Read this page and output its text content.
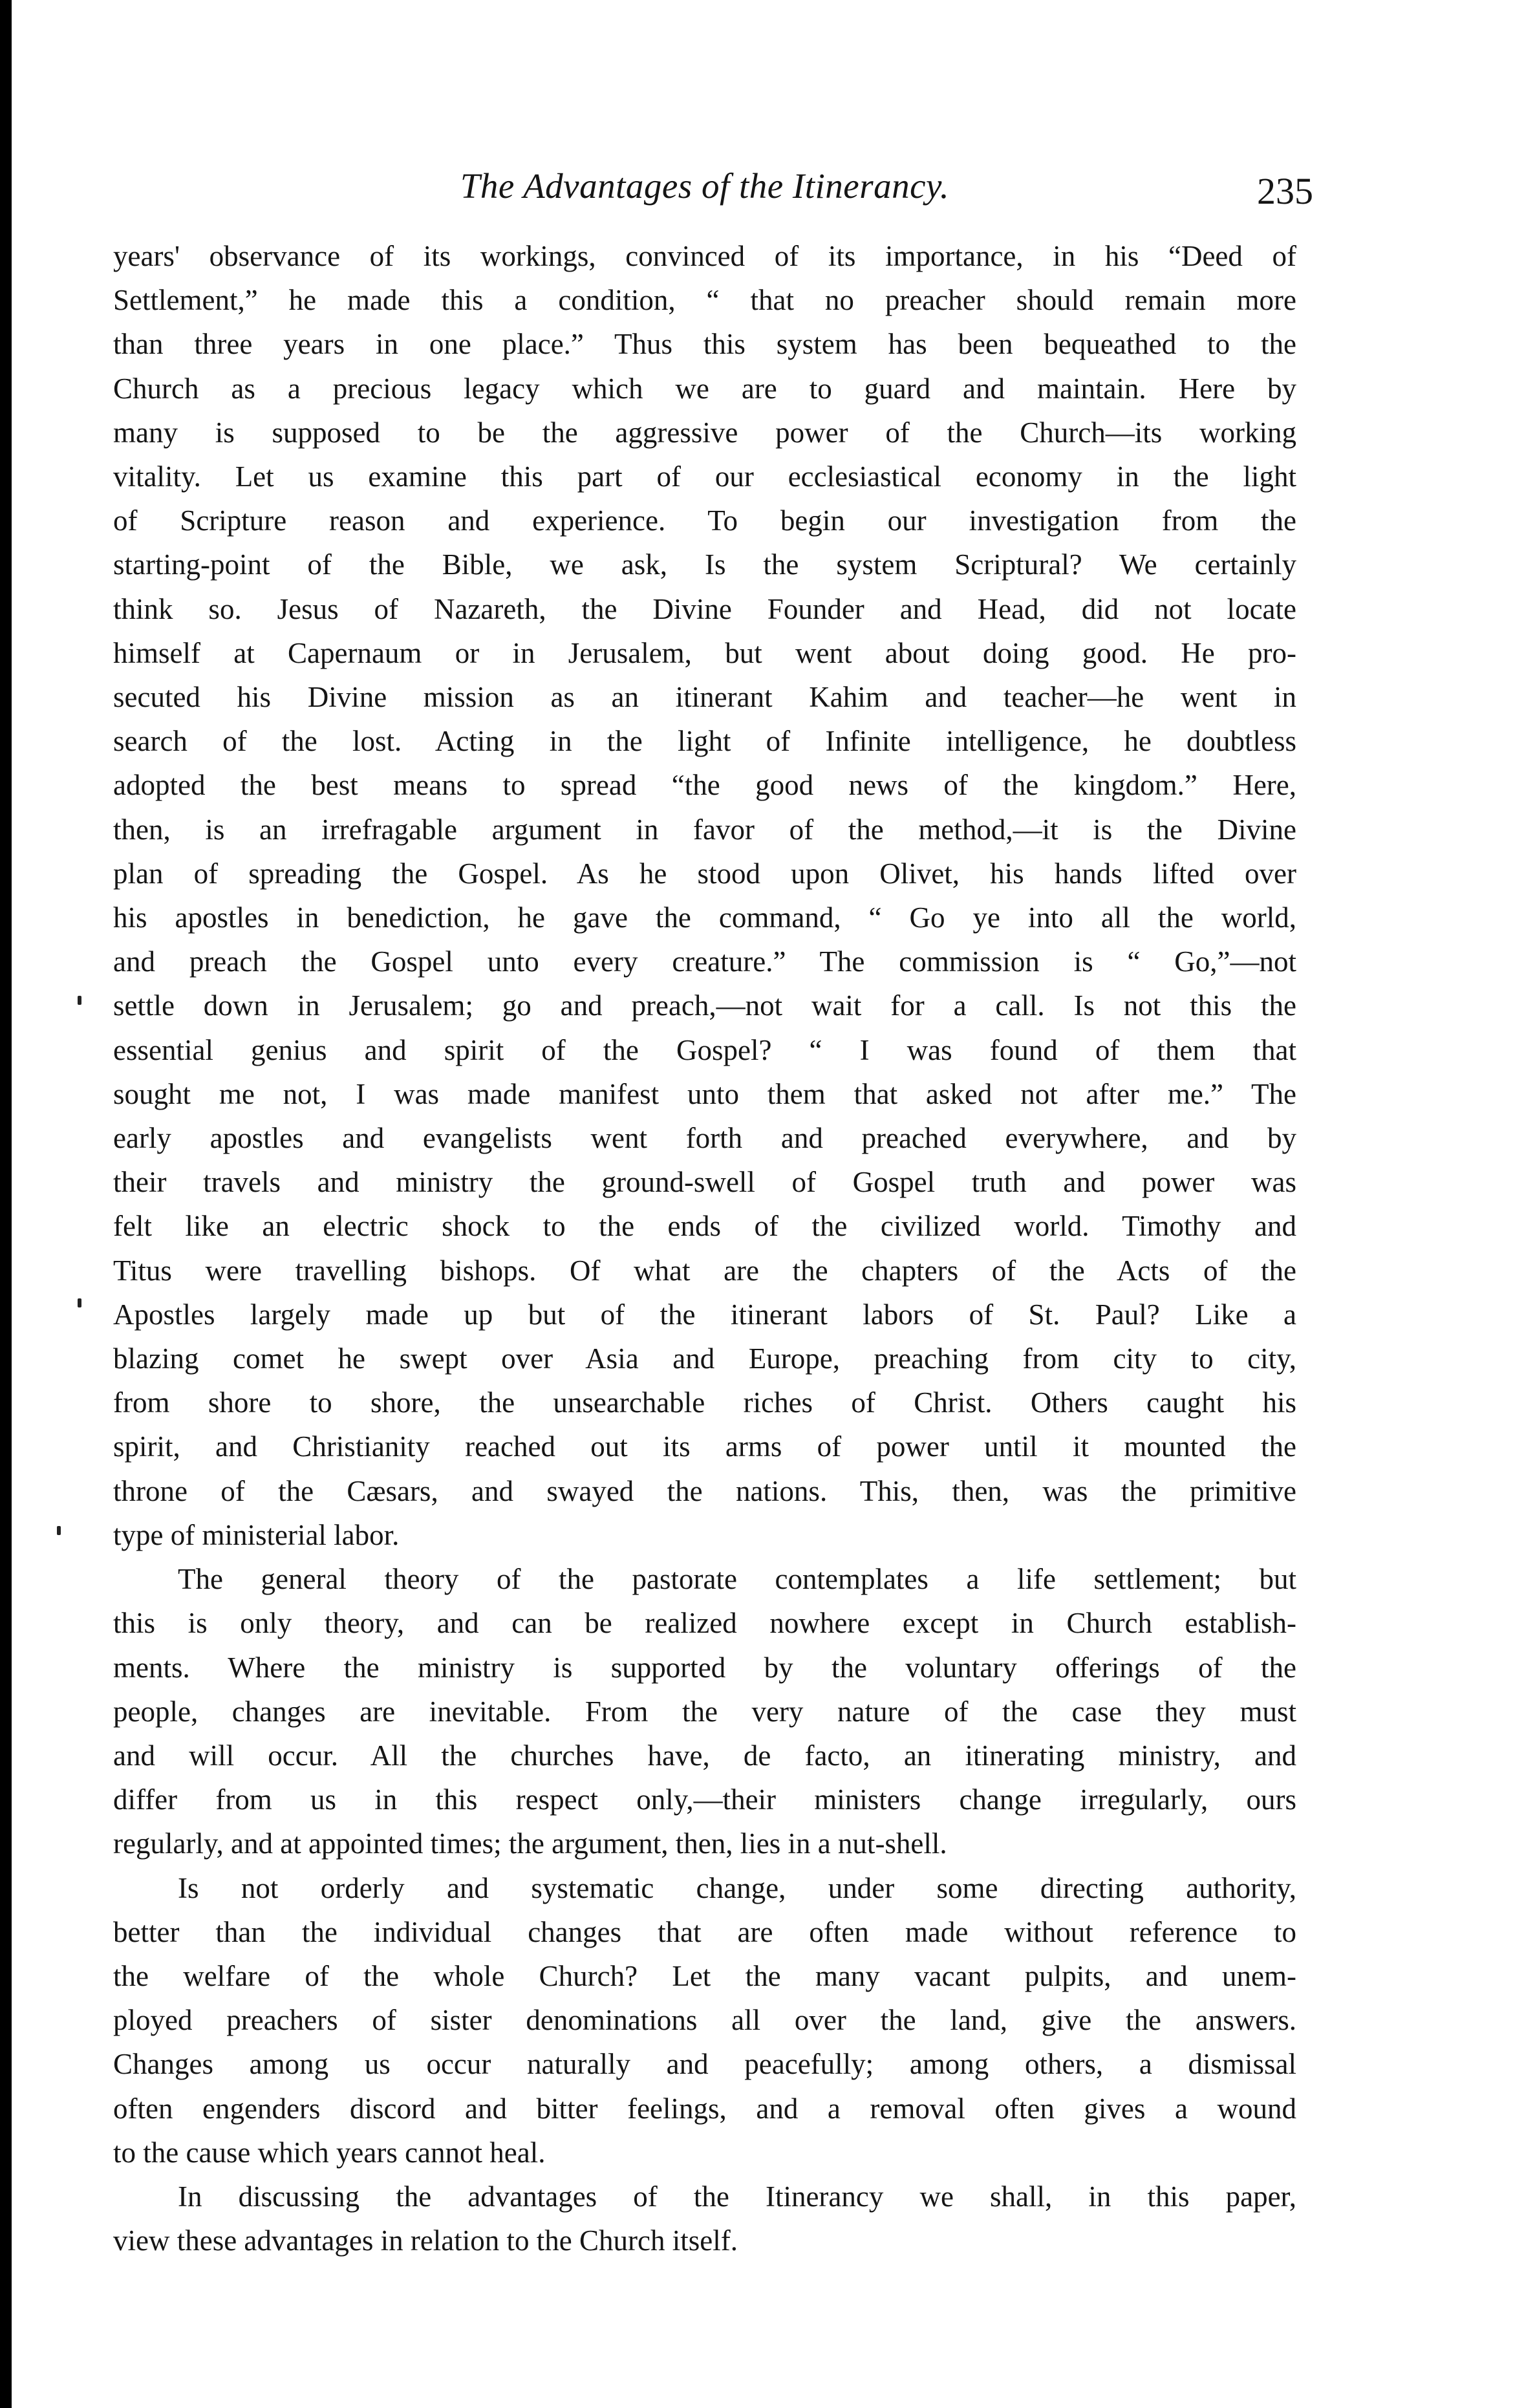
The Advantages of the Itinerancy.	235

years' observance of its workings, convinced of its importance, in his “Deed of
Settlement,” he made this a condition, “ that no preacher should remain more
than three years in one place.” Thus this system has been bequeathed to the
Church as a precious legacy which we are to guard and maintain. Here by
many is supposed to be the aggressive power of the Church—its working
vitality. Let us examine this part of our ecclesiastical economy in the light
of Scripture reason and experience. To begin our investigation from the
starting-point of the Bible, we ask, Is the system Scriptural? We certainly
think so. Jesus of Nazareth, the Divine Founder and Head, did not locate
himself at Capernaum or in Jerusalem, but went about doing good. He pro-
secuted his Divine mission as an itinerant Kahim and teacher—he went in
search of the lost. Acting in the light of Infinite intelligence, he doubtless
adopted the best means to spread “the good news of the kingdom.” Here,
then, is an irrefragable argument in favor of the method,—it is the Divine
plan of spreading the Gospel. As he stood upon Olivet, his hands lifted over
his apostles in benediction, he gave the command, “ Go ye into all the world,
and preach the Gospel unto every creature.” The commission is “ Go,”—not
settle down in Jerusalem; go and preach,—not wait for a call. Is not this the
essential genius and spirit of the Gospel? “ I was found of them that
sought me not, I was made manifest unto them that asked not after me.” The
early apostles and evangelists went forth and preached everywhere, and by
their travels and ministry the ground-swell of Gospel truth and power was
felt like an electric shock to the ends of the civilized world. Timothy and
Titus were travelling bishops. Of what are the chapters of the Acts of the
Apostles largely made up but of the itinerant labors of St. Paul? Like a
blazing comet he swept over Asia and Europe, preaching from city to city,
from shore to shore, the unsearchable riches of Christ. Others caught his
spirit, and Christianity reached out its arms of power until it mounted the
throne of the Cæsars, and swayed the nations. This, then, was the primitive
type of ministerial labor.

The general theory of the pastorate contemplates a life settlement; but
this is only theory, and can be realized nowhere except in Church establish-
ments. Where the ministry is supported by the voluntary offerings of the
people, changes are inevitable. From the very nature of the case they must
and will occur. All the churches have, de facto, an itinerating ministry, and
differ from us in this respect only,—their ministers change irregularly, ours
regularly, and at appointed times; the argument, then, lies in a nut-shell.

Is not orderly and systematic change, under some directing authority,
better than the individual changes that are often made without reference to
the welfare of the whole Church? Let the many vacant pulpits, and unem-
ployed preachers of sister denominations all over the land, give the answers.
Changes among us occur naturally and peacefully; among others, a dismissal
often engenders discord and bitter feelings, and a removal often gives a wound
to the cause which years cannot heal.

In discussing the advantages of the Itinerancy we shall, in this paper,
view these advantages in relation to the Church itself.
